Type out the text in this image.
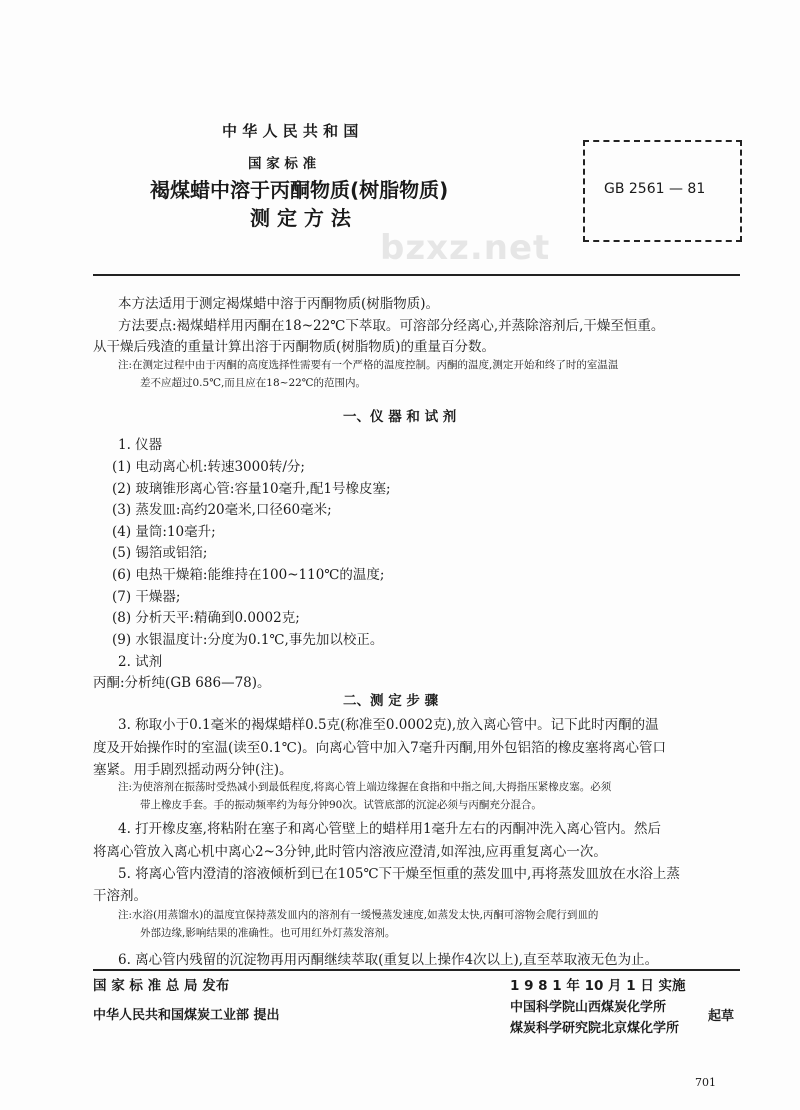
bzxz.net
中 华 人 民 共 和 国
国 家 标 准
褐煤蜡中溶于丙酮物质(树脂物质)
测 定 方 法
GB 2561 — 81
本方法适用于测定褐煤蜡中溶于丙酮物质(树脂物质)。
方法要点:褐煤蜡样用丙酮在18~22℃下萃取。可溶部分经离心,并蒸除溶剂后,干燥至恒重。
从干燥后残渣的重量计算出溶于丙酮物质(树脂物质)的重量百分数。
注:在测定过程中由于丙酮的高度选择性需要有一个严格的温度控制。丙酮的温度,测定开始和终了时的室温温
差不应超过0.5℃,而且应在18~22℃的范围内。
一、仪 器 和 试 剂
1. 仪器
(1) 电动离心机:转速3000转/分;
(2) 玻璃锥形离心管:容量10毫升,配1号橡皮塞;
(3) 蒸发皿:高约20毫米,口径60毫米;
(4) 量筒:10毫升;
(5) 锡箔或铝箔;
(6) 电热干燥箱:能维持在100~110℃的温度;
(7) 干燥器;
(8) 分析天平:精确到0.0002克;
(9) 水银温度计:分度为0.1℃,事先加以校正。
2. 试剂
丙酮:分析纯(GB 686—78)。
二、测 定 步 骤
3. 称取小于0.1毫米的褐煤蜡样0.5克(称准至0.0002克),放入离心管中。记下此时丙酮的温
度及开始操作时的室温(读至0.1℃)。向离心管中加入7毫升丙酮,用外包铝箔的橡皮塞将离心管口
塞紧。用手剧烈摇动两分钟(注)。
注:为使溶剂在振荡时受热减小到最低程度,将离心管上端边缘握在食指和中指之间,大拇指压紧橡皮塞。必须
带上橡皮手套。手的振动频率约为每分钟90次。试管底部的沉淀必须与丙酮充分混合。
4. 打开橡皮塞,将粘附在塞子和离心管壁上的蜡样用1毫升左右的丙酮冲洗入离心管内。然后
将离心管放入离心机中离心2~3分钟,此时管内溶液应澄清,如浑浊,应再重复离心一次。
5. 将离心管内澄清的溶液倾析到已在105℃下干燥至恒重的蒸发皿中,再将蒸发皿放在水浴上蒸
干溶剂。
注:水浴(用蒸馏水)的温度宜保持蒸发皿内的溶剂有一缓慢蒸发速度,如蒸发太快,丙酮可溶物会爬行到皿的
外部边缘,影响结果的准确性。也可用红外灯蒸发溶剂。
6. 离心管内残留的沉淀物再用丙酮继续萃取(重复以上操作4次以上),直至萃取液无色为止。
国 家 标 准 总 局 发布	1 9 8 1 年 10 月 1 日 实施
中华人民共和国煤炭工业部 提出
中国科学院山西煤炭化学所
煤炭科学研究院北京煤化学所
起草
701
